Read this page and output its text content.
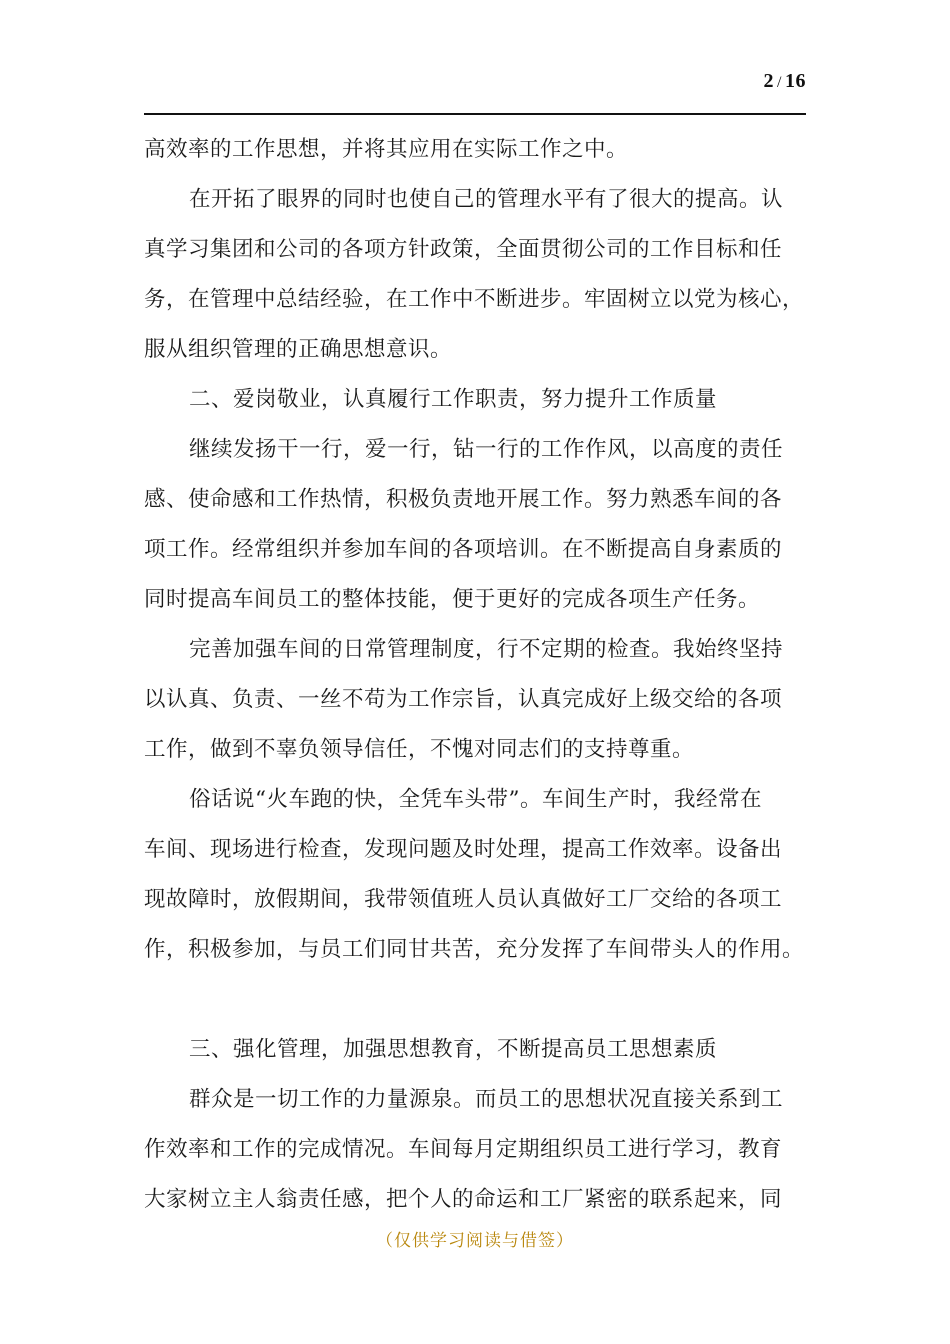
2 / 16
高效率的工作思想，并将其应用在实际工作之中。
在开拓了眼界的同时也使自己的管理水平有了很大的提高。认
真学习集团和公司的各项方针政策，全面贯彻公司的工作目标和任
务，在管理中总结经验，在工作中不断进步。牢固树立以党为核心，
服从组织管理的正确思想意识。
二、爱岗敬业，认真履行工作职责，努力提升工作质量
继续发扬干一行，爱一行，钻一行的工作作风，以高度的责任
感、使命感和工作热情，积极负责地开展工作。努力熟悉车间的各
项工作。经常组织并参加车间的各项培训。在不断提高自身素质的
同时提高车间员工的整体技能，便于更好的完成各项生产任务。
完善加强车间的日常管理制度，行不定期的检查。我始终坚持
以认真、负责、一丝不苟为工作宗旨，认真完成好上级交给的各项
工作，做到不辜负领导信任，不愧对同志们的支持尊重。
俗话说“火车跑的快，全凭车头带”。车间生产时，我经常在
车间、现场进行检查，发现问题及时处理，提高工作效率。设备出
现故障时，放假期间，我带领值班人员认真做好工厂交给的各项工
作，积极参加，与员工们同甘共苦，充分发挥了车间带头人的作用。
三、强化管理，加强思想教育，不断提高员工思想素质
群众是一切工作的力量源泉。而员工的思想状况直接关系到工
作效率和工作的完成情况。车间每月定期组织员工进行学习，教育
大家树立主人翁责任感，把个人的命运和工厂紧密的联系起来，同
（仅供学习阅读与借签）
